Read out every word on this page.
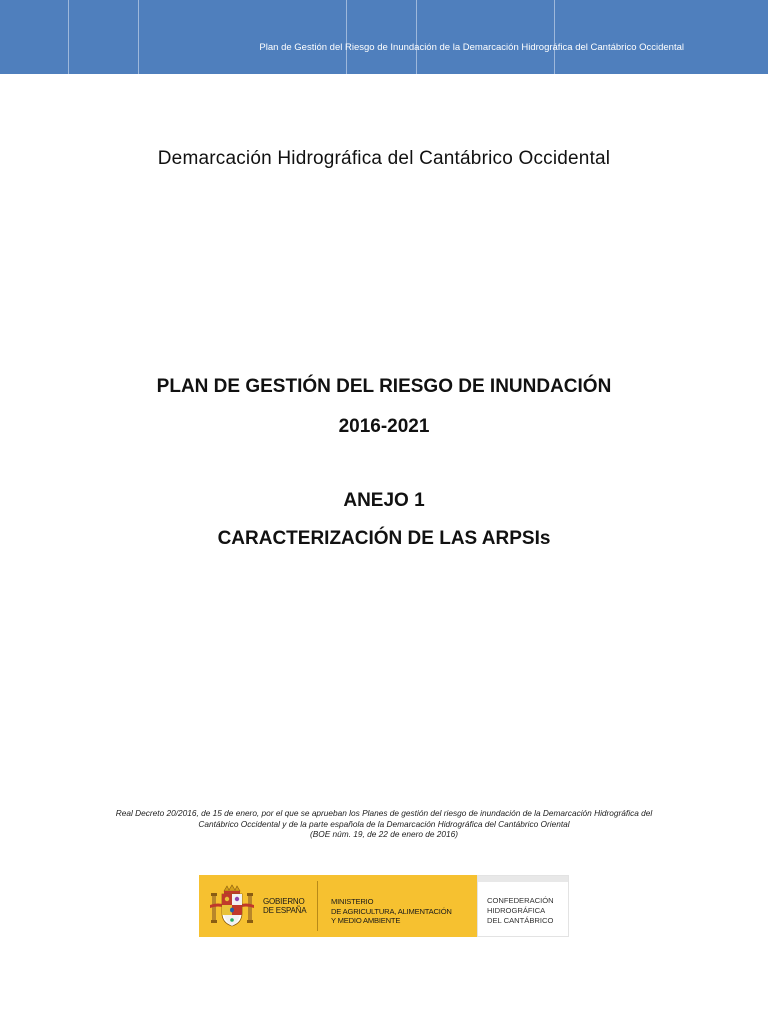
Plan de Gestión del Riesgo de Inundación de la Demarcación Hidrográfica del Cantábrico Occidental
Demarcación Hidrográfica del Cantábrico Occidental
PLAN DE GESTIÓN DEL RIESGO DE INUNDACIÓN
2016-2021
ANEJO 1
CARACTERIZACIÓN DE LAS ARPSIs
Real Decreto 20/2016, de 15 de enero, por el que se aprueban los Planes de gestión del riesgo de inundación de la Demarcación Hidrográfica del
Cantábrico Occidental y de la parte española de la Demarcación Hidrográfica del Cantábrico Oriental
(BOE núm. 19, de 22 de enero de 2016)
GOBIERNO
DE ESPAÑA
MINISTERIO
DE AGRICULTURA, ALIMENTACIÓN
Y MEDIO AMBIENTE
CONFEDERACIÓN
HIDROGRÁFICA
DEL CANTÁBRICO
